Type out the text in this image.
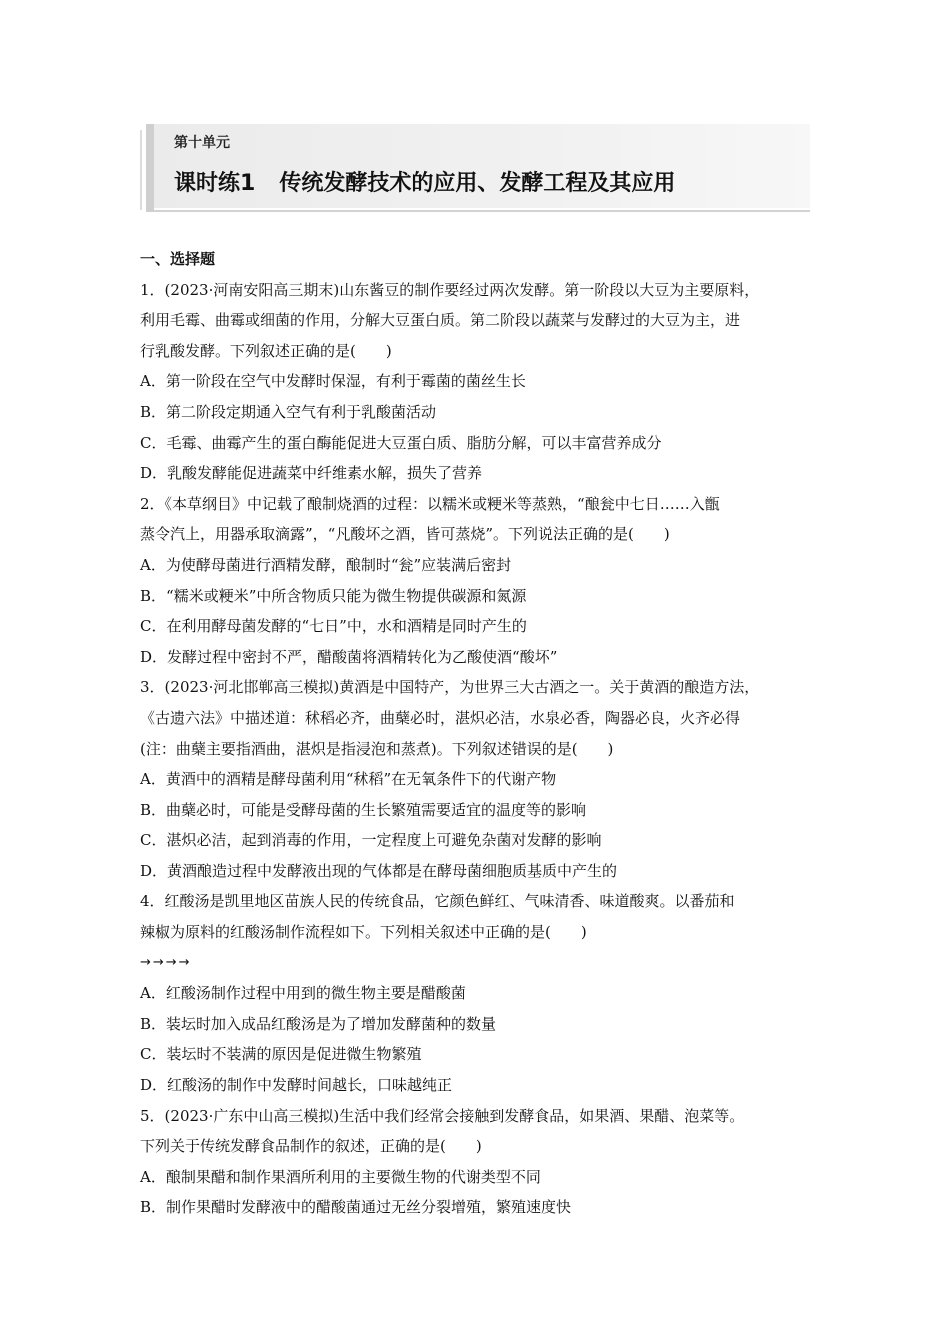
第十单元
课时练1 传统发酵技术的应用、发酵工程及其应用
一、选择题
1．(2023·河南安阳高三期末)山东酱豆的制作要经过两次发酵。第一阶段以大豆为主要原料，
利用毛霉、曲霉或细菌的作用，分解大豆蛋白质。第二阶段以蔬菜与发酵过的大豆为主，进
行乳酸发酵。下列叙述正确的是(　　)
A．第一阶段在空气中发酵时保湿，有利于霉菌的菌丝生长
B．第二阶段定期通入空气有利于乳酸菌活动
C．毛霉、曲霉产生的蛋白酶能促进大豆蛋白质、脂肪分解，可以丰富营养成分
D．乳酸发酵能促进蔬菜中纤维素水解，损失了营养
2．《本草纲目》中记载了酿制烧酒的过程：以糯米或粳米等蒸熟，“酿瓮中七日……入甑
蒸令汽上，用器承取滴露”，“凡酸坏之酒，皆可蒸烧”。下列说法正确的是(　　)
A．为使酵母菌进行酒精发酵，酿制时“瓮”应装满后密封
B．“糯米或粳米”中所含物质只能为微生物提供碳源和氮源
C．在利用酵母菌发酵的“七日”中，水和酒精是同时产生的
D．发酵过程中密封不严，醋酸菌将酒精转化为乙酸使酒“酸坏”
3．(2023·河北邯郸高三模拟)黄酒是中国特产，为世界三大古酒之一。关于黄酒的酿造方法，
《古遗六法》中描述道：秫稻必齐，曲蘖必时，湛炽必洁，水泉必香，陶器必良，火齐必得
(注：曲蘖主要指酒曲，湛炽是指浸泡和蒸煮)。下列叙述错误的是(　　)
A．黄酒中的酒精是酵母菌利用“秫稻”在无氧条件下的代谢产物
B．曲蘖必时，可能是受酵母菌的生长繁殖需要适宜的温度等的影响
C．湛炽必洁，起到消毒的作用，一定程度上可避免杂菌对发酵的影响
D．黄酒酿造过程中发酵液出现的气体都是在酵母菌细胞质基质中产生的
4．红酸汤是凯里地区苗族人民的传统食品，它颜色鲜红、气味清香、味道酸爽。以番茄和
辣椒为原料的红酸汤制作流程如下。下列相关叙述中正确的是(　　)
→→→→
A．红酸汤制作过程中用到的微生物主要是醋酸菌
B．装坛时加入成品红酸汤是为了增加发酵菌种的数量
C．装坛时不装满的原因是促进微生物繁殖
D．红酸汤的制作中发酵时间越长，口味越纯正
5．(2023·广东中山高三模拟)生活中我们经常会接触到发酵食品，如果酒、果醋、泡菜等。
下列关于传统发酵食品制作的叙述，正确的是(　　)
A．酿制果醋和制作果酒所利用的主要微生物的代谢类型不同
B．制作果醋时发酵液中的醋酸菌通过无丝分裂增殖，繁殖速度快
